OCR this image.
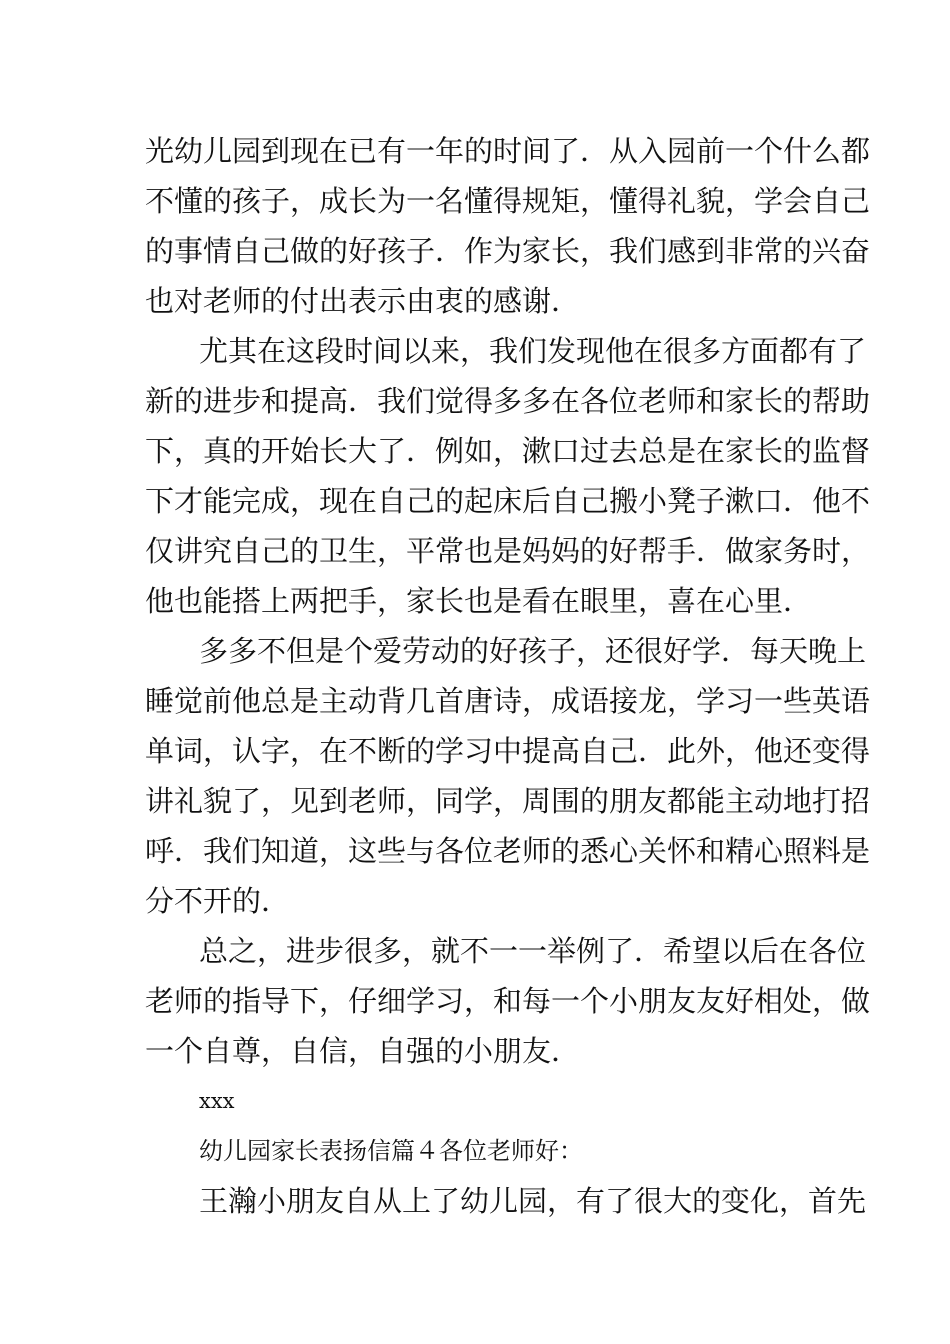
光幼儿园到现在已有一年的时间了．从入园前一个什么都
不懂的孩子，成长为一名懂得规矩，懂得礼貌，学会自己
的事情自己做的好孩子．作为家长，我们感到非常的兴奋
也对老师的付出表示由衷的感谢．
尤其在这段时间以来，我们发现他在很多方面都有了
新的进步和提高．我们觉得多多在各位老师和家长的帮助
下，真的开始长大了．例如，漱口过去总是在家长的监督
下才能完成，现在自己的起床后自己搬小凳子漱口．他不
仅讲究自己的卫生，平常也是妈妈的好帮手．做家务时，
他也能搭上两把手，家长也是看在眼里，喜在心里．
多多不但是个爱劳动的好孩子，还很好学．每天晚上
睡觉前他总是主动背几首唐诗，成语接龙，学习一些英语
单词，认字，在不断的学习中提高自己．此外，他还变得
讲礼貌了，见到老师，同学，周围的朋友都能主动地打招
呼．我们知道，这些与各位老师的悉心关怀和精心照料是
分不开的．
总之，进步很多，就不一一举例了．希望以后在各位
老师的指导下，仔细学习，和每一个小朋友友好相处，做
一个自尊，自信，自强的小朋友．
xxx
幼儿园家长表扬信篇４各位老师好：
王瀚小朋友自从上了幼儿园，有了很大的变化，首先
